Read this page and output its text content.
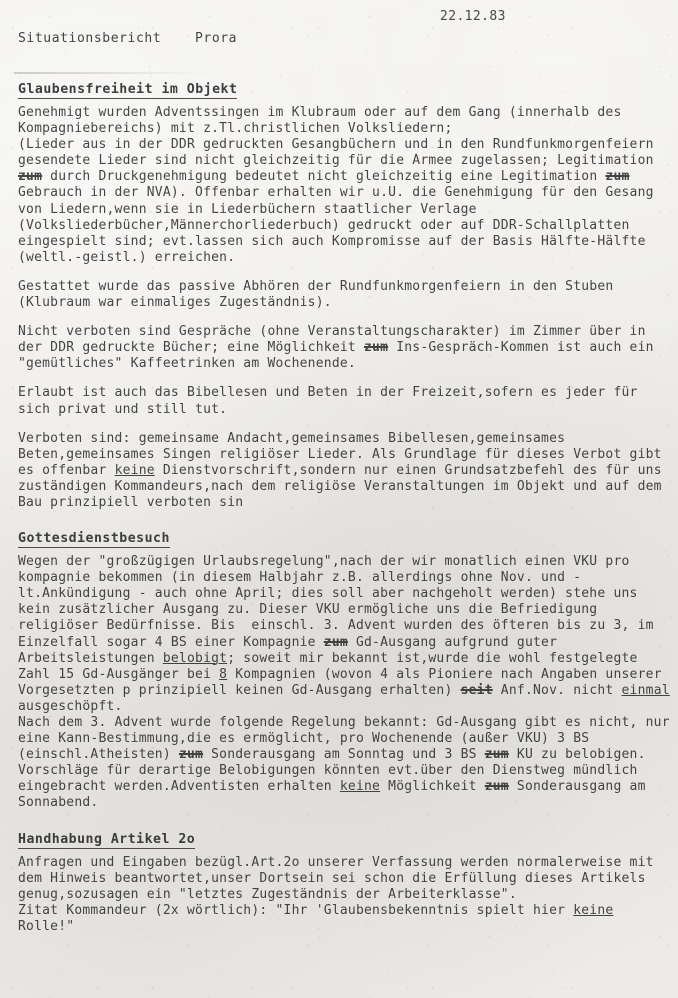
22.12.83
Situationsbericht    Prora
Glaubensfreiheit im Objekt

Genehmigt wurden Adventssingen im Klubraum oder auf dem Gang (innerhalb des Kompagniebereichs) mit z.Tl.christlichen Volksliedern;
(Lieder aus in der DDR gedruckten Gesangbüchern und in den Rundfunkmorgenfeiern gesendete Lieder sind nicht gleichzeitig für die Armee zugelassen; Legitimation zum durch Druckgenehmigung bedeutet nicht gleichzeitig eine Legitimation zum Gebrauch in der NVA). Offenbar erhalten wir u.U. die Genehmigung für den Gesang von Liedern,wenn sie in Liederbüchern staatlicher Verlage (Volksliederbücher,Männerchorliederbuch) gedruckt oder auf DDR-Schallplatten eingespielt sind; evt.lassen sich auch Kompromisse auf der Basis Hälfte-Hälfte (weltl.-geistl.) erreichen.

Gestattet wurde das passive Abhören der Rundfunkmorgenfeiern in den Stuben (Klubraum war einmaliges Zugeständnis).

Nicht verboten sind Gespräche (ohne Veranstaltungscharakter) im Zimmer über in der DDR gedruckte Bücher; eine Möglichkeit zum Ins-Gespräch-Kommen ist auch ein "gemütliches" Kaffeetrinken am Wochenende.

Erlaubt ist auch das Bibellesen und Beten in der Freizeit,sofern es jeder für sich privat und still tut.

Verboten sind: gemeinsame Andacht,gemeinsames Bibellesen,gemeinsames Beten,gemeinsames Singen religiöser Lieder. Als Grundlage für dieses Verbot gibt es offenbar keine Dienstvorschrift,sondern nur einen Grundsatzbefehl des für uns zuständigen Kommandeurs,nach dem religiöse Veranstaltungen im Objekt und auf dem Bau prinzipiell verboten sin

Gottesdienstbesuch

Wegen der "großzügigen Urlaubsregelung",nach der wir monatlich einen VKU pro kompagnie bekommen (in diesem Halbjahr z.B. allerdings ohne Nov. und -lt.Ankündigung - auch ohne April; dies soll aber nachgeholt werden) stehe uns kein zusätzlicher Ausgang zu. Dieser VKU ermögliche uns die Befriedigung religiöser Bedürfnisse. Bis  einschl. 3. Advent wurden des öfteren bis zu 3, im Einzelfall sogar 4 BS einer Kompagnie zum Gd-Ausgang aufgrund guter Arbeitsleistungen belobigt; soweit mir bekannt ist,wurde die wohl festgelegte Zahl 15 Gd-Ausgänger bei 8 Kompagnien (wovon 4 als Pioniere nach Angaben unserer Vorgesetzten p prinzipiell keinen Gd-Ausgang erhalten) seit Anf.Nov. nicht einmal ausgeschöpft.

Nach dem 3. Advent wurde folgende Regelung bekannt: Gd-Ausgang gibt es nicht, nur eine Kann-Bestimmung,die es ermöglicht, pro Wochenende (außer VKU) 3 BS (einschl.Atheisten) zum Sonderausgang am Sonntag und 3 BS zum KU zu belobigen. Vorschläge für derartige Belobigungen könnten evt.über den Dienstweg mündlich eingebracht werden.Adventisten erhalten keine Möglichkeit zum Sonderausgang am Sonnabend.

Handhabung Artikel 2o

Anfragen und Eingaben bezügl.Art.2o unserer Verfassung werden normalerweise mit dem Hinweis beantwortet,unser Dortsein sei schon die Erfüllung dieses Artikels genug,sozusagen ein "letztes Zugeständnis der Arbeiterklasse".

Zitat Kommandeur (2x wörtlich): "Ihr 'Glaubensbekenntnis spielt hier keine Rolle!"
